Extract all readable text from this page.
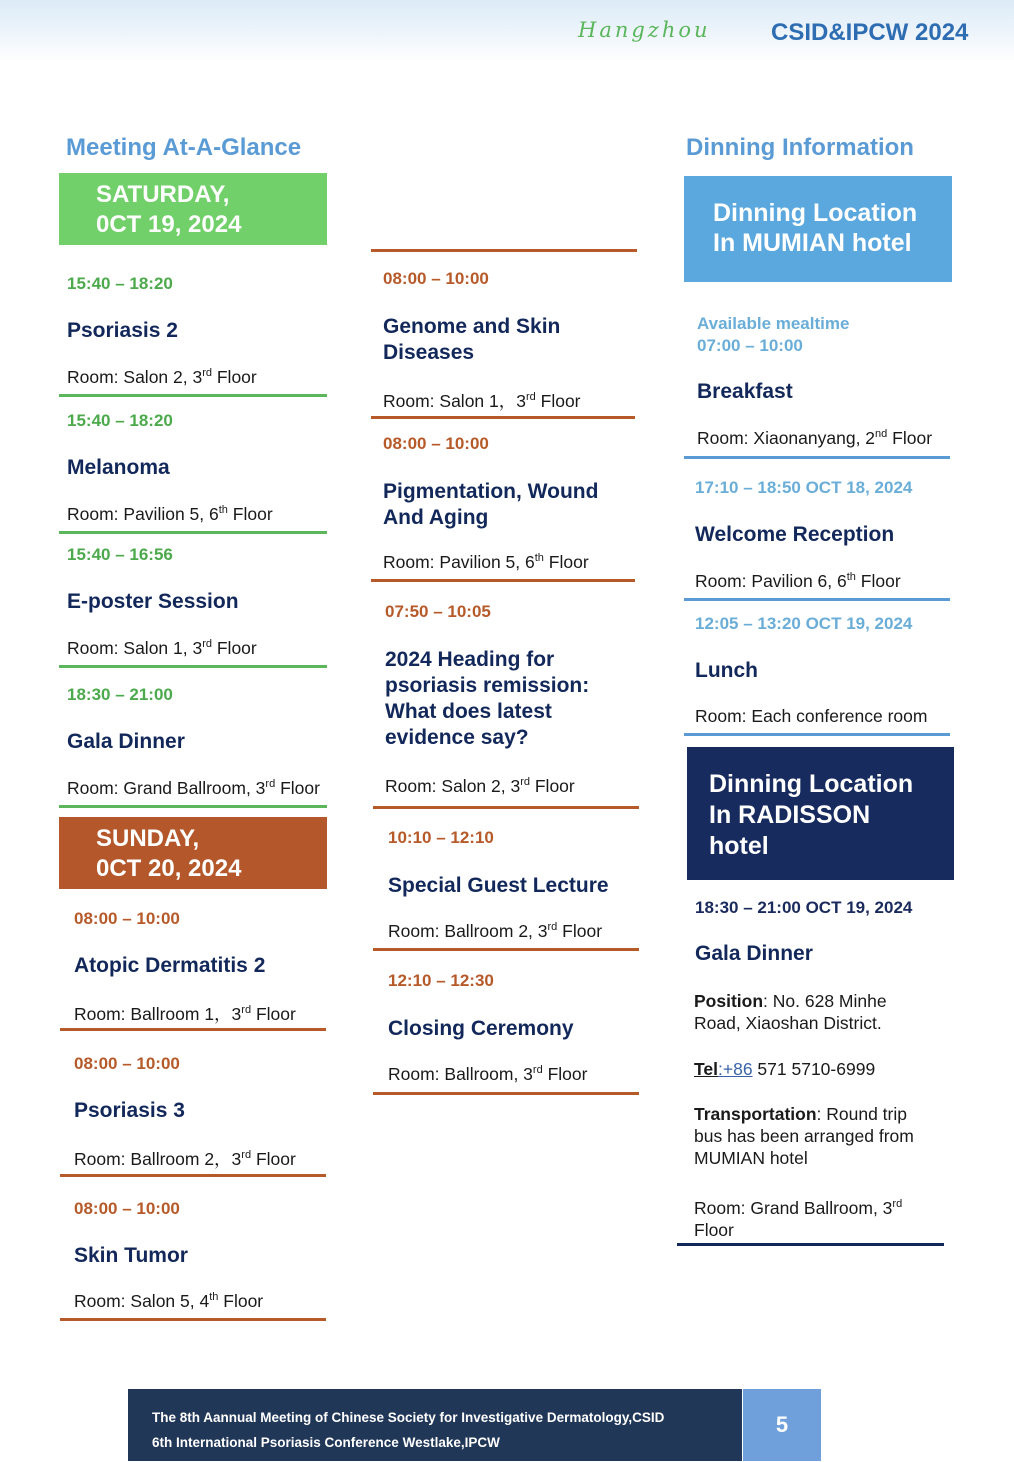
Hangzhou	CSID&IPCW 2024
Meeting At-A-Glance	Dinning Information
SATURDAY,
0CT 19, 2024
15:40 – 18:20
Psoriasis 2
Room: Salon 2, 3rd Floor
15:40 – 18:20
Melanoma
Room: Pavilion 5, 6th Floor
15:40 – 16:56
E-poster Session
Room: Salon 1, 3rd Floor
18:30 – 21:00
Gala Dinner
Room: Grand Ballroom, 3rd Floor
SUNDAY,
0CT 20, 2024
08:00 – 10:00
Atopic Dermatitis 2
Room: Ballroom 1，3rd Floor
08:00 – 10:00
Psoriasis 3
Room: Ballroom 2，3rd Floor
08:00 – 10:00
Skin Tumor
Room: Salon 5, 4th Floor
08:00 – 10:00
Genome and Skin
Diseases
Room: Salon 1，3rd Floor
08:00 – 10:00
Pigmentation, Wound
And Aging
Room: Pavilion 5, 6th Floor
07:50 – 10:05
2024 Heading for
psoriasis remission:
What does latest
evidence say?
Room: Salon 2, 3rd Floor
10:10 – 12:10
Special Guest Lecture
Room: Ballroom 2, 3rd Floor
12:10 – 12:30
Closing Ceremony
Room: Ballroom, 3rd Floor
Dinning Location
In MUMIAN hotel
Available mealtime
07:00 – 10:00
Breakfast
Room: Xiaonanyang, 2nd Floor
17:10 – 18:50 OCT 18, 2024
Welcome Reception
Room: Pavilion 6, 6th Floor
12:05 – 13:20 OCT 19, 2024
Lunch
Room: Each conference room
Dinning Location
In RADISSON
hotel
18:30 – 21:00 OCT 19, 2024
Gala Dinner
Position: No. 628 Minhe
Road, Xiaoshan District.
Tel:+86 571 5710-6999
Transportation: Round trip
bus has been arranged from
MUMIAN hotel
Room: Grand Ballroom, 3rd
Floor
The 8th Aannual Meeting of Chinese Society for Investigative Dermatology,CSID
6th International Psoriasis Conference Westlake,IPCW
5
